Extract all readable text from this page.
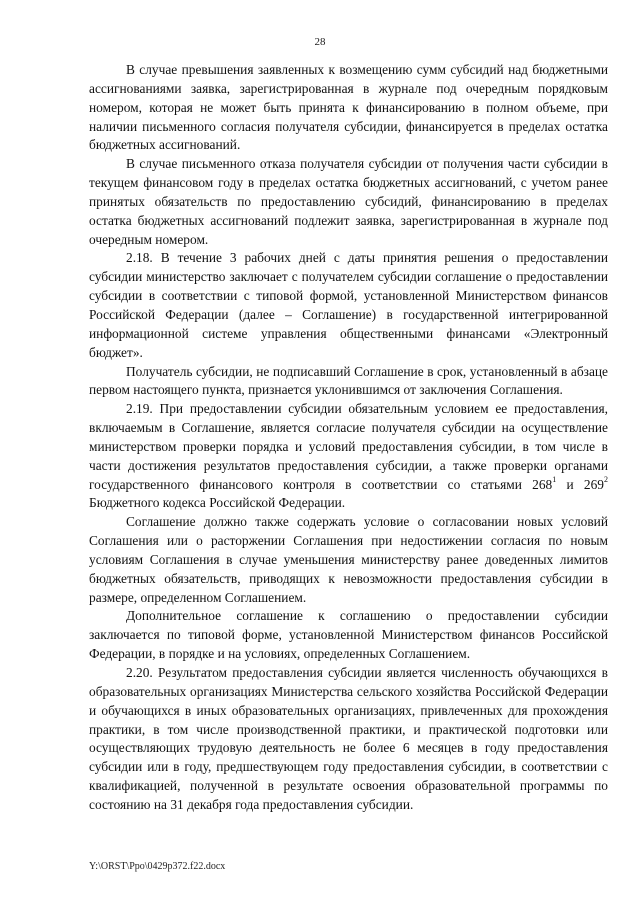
28

В случае превышения заявленных к возмещению сумм субсидий над бюджетными ассигнованиями заявка, зарегистрированная в журнале под очередным порядковым номером, которая не может быть принята к финансированию в полном объеме, при наличии письменного согласия получателя субсидии, финансируется в пределах остатка бюджетных ассигнований.

В случае письменного отказа получателя субсидии от получения части субсидии в текущем финансовом году в пределах остатка бюджетных ассигнований, с учетом ранее принятых обязательств по предоставлению субсидий, финансированию в пределах остатка бюджетных ассигнований подлежит заявка, зарегистрированная в журнале под очередным номером.

2.18. В течение 3 рабочих дней с даты принятия решения о предоставлении субсидии министерство заключает с получателем субсидии соглашение о предоставлении субсидии в соответствии с типовой формой, установленной Министерством финансов Российской Федерации (далее – Соглашение) в государственной интегрированной информационной системе управления общественными финансами «Электронный бюджет».

Получатель субсидии, не подписавший Соглашение в срок, установленный в абзаце первом настоящего пункта, признается уклонившимся от заключения Соглашения.

2.19. При предоставлении субсидии обязательным условием ее предоставления, включаемым в Соглашение, является согласие получателя субсидии на осуществление министерством проверки порядка и условий предоставления субсидии, в том числе в части достижения результатов предоставления субсидии, а также проверки органами государственного финансового контроля в соответствии со статьями $268^1$ и $269^2$ Бюджетного кодекса Российской Федерации.

Соглашение должно также содержать условие о согласовании новых условий Соглашения или о расторжении Соглашения при недостижении согласия по новым условиям Соглашения в случае уменьшения министерству ранее доведенных лимитов бюджетных обязательств, приводящих к невозможности предоставления субсидии в размере, определенном Соглашением.

Дополнительное соглашение к соглашению о предоставлении субсидии заключается по типовой форме, установленной Министерством финансов Российской Федерации, в порядке и на условиях, определенных Соглашением.

2.20. Результатом предоставления субсидии является численность обучающихся в образовательных организациях Министерства сельского хозяйства Российской Федерации и обучающихся в иных образовательных организациях, привлеченных для прохождения практики, в том числе производственной практики, и практической подготовки или осуществляющих трудовую деятельность не более 6 месяцев в году предоставления субсидии или в году, предшествующем году предоставления субсидии, в соответствии с квалификацией, полученной в результате освоения образовательной программы по состоянию на 31 декабря года предоставления субсидии.

Y:\ORST\Ppo\0429p372.f22.docx
